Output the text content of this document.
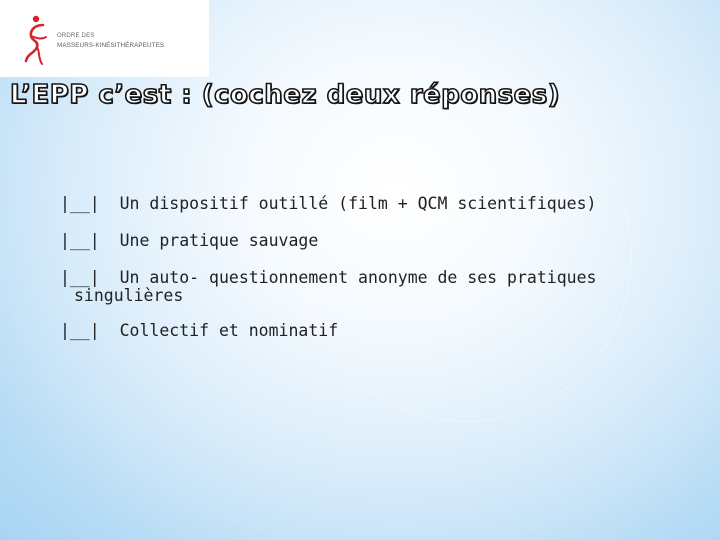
ORDRE DES
MASSEURS-KINÉSITHÉRAPEUTES
L’EPP c’est : (cochez deux réponses)
|__|  Un dispositif outillé (film + QCM scientifiques)
|__|  Une pratique sauvage
|__|  Un auto- questionnement anonyme de ses pratiques
singulières
|__|  Collectif et nominatif
